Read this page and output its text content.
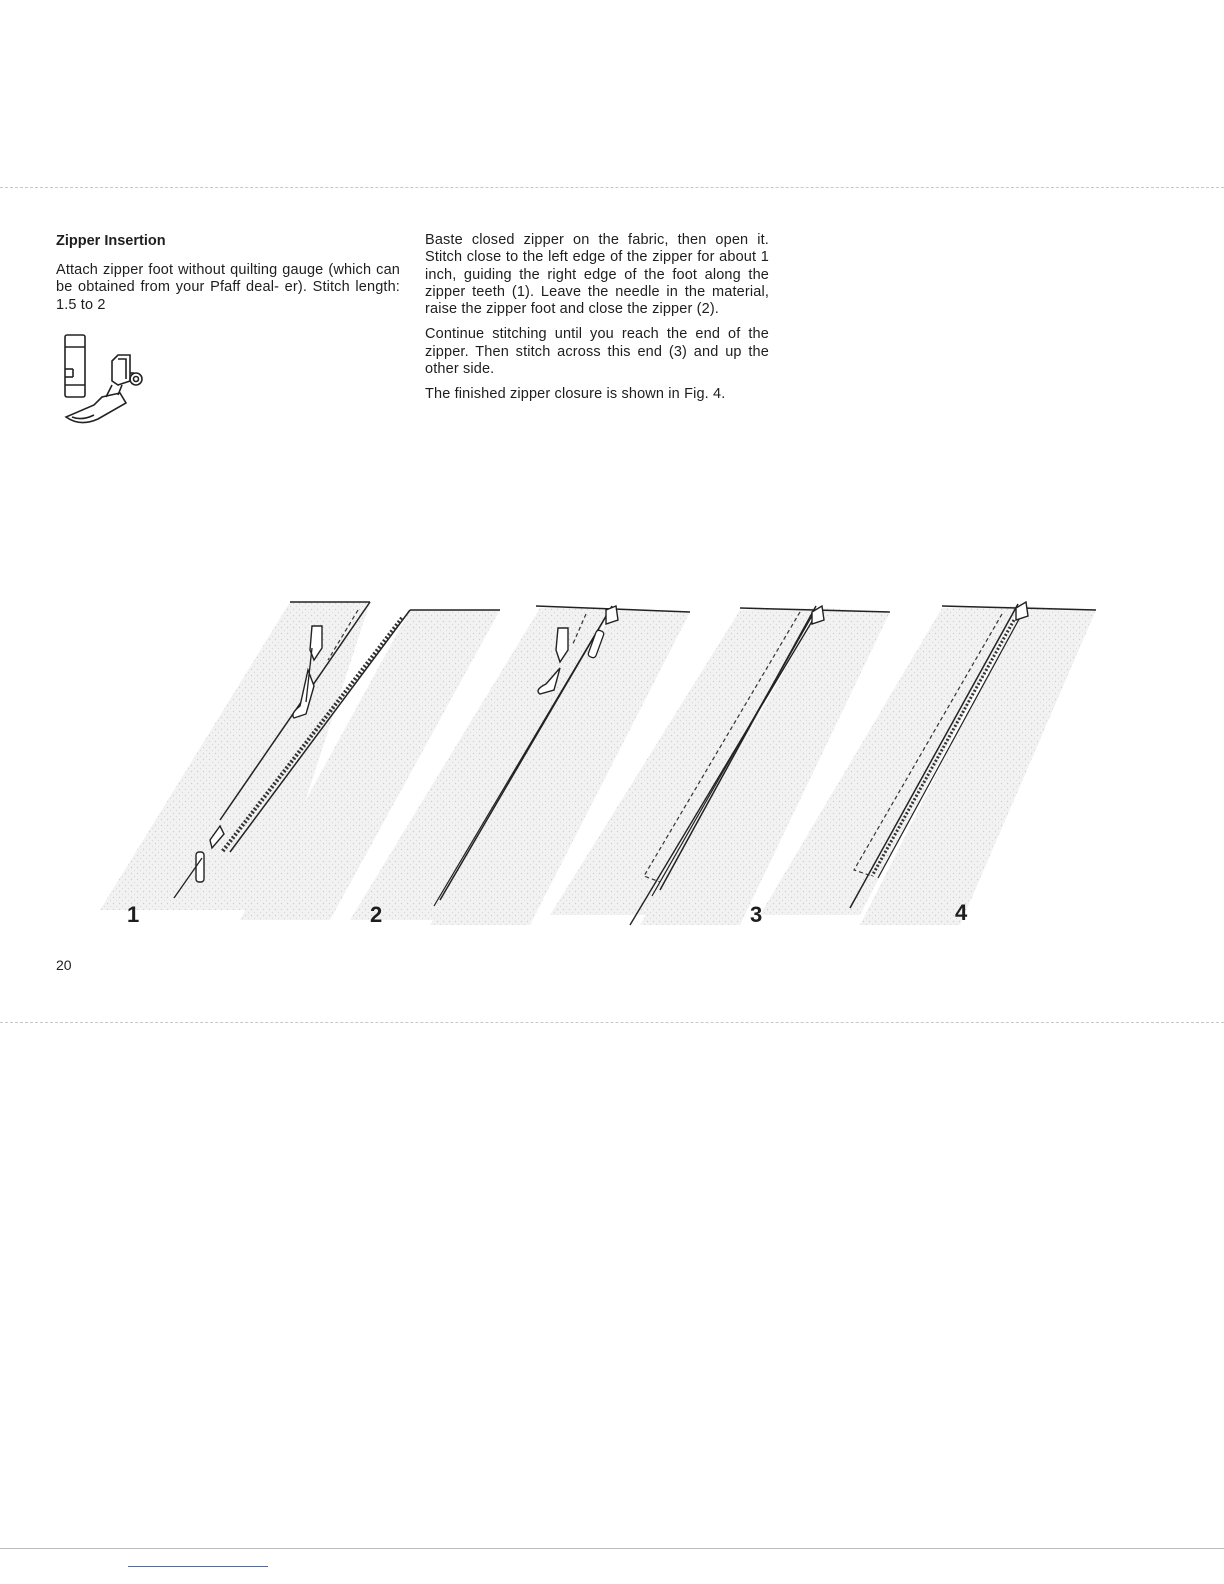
Zipper Insertion

Attach zipper foot without quilting gauge (which can be obtained from your Pfaff deal- er). Stitch length: 1.5 to 2

Baste closed zipper on the fabric, then open it. Stitch close to the left edge of the zipper for about 1 inch, guiding the right edge of the foot along the zipper teeth (1). Leave the needle in the material, raise the zipper foot and close the zipper (2).

Continue stitching until you reach the end of the zipper. Then stitch across this end (3) and up the other side.

The finished zipper closure is shown in Fig. 4.

1	2	3	4
20
